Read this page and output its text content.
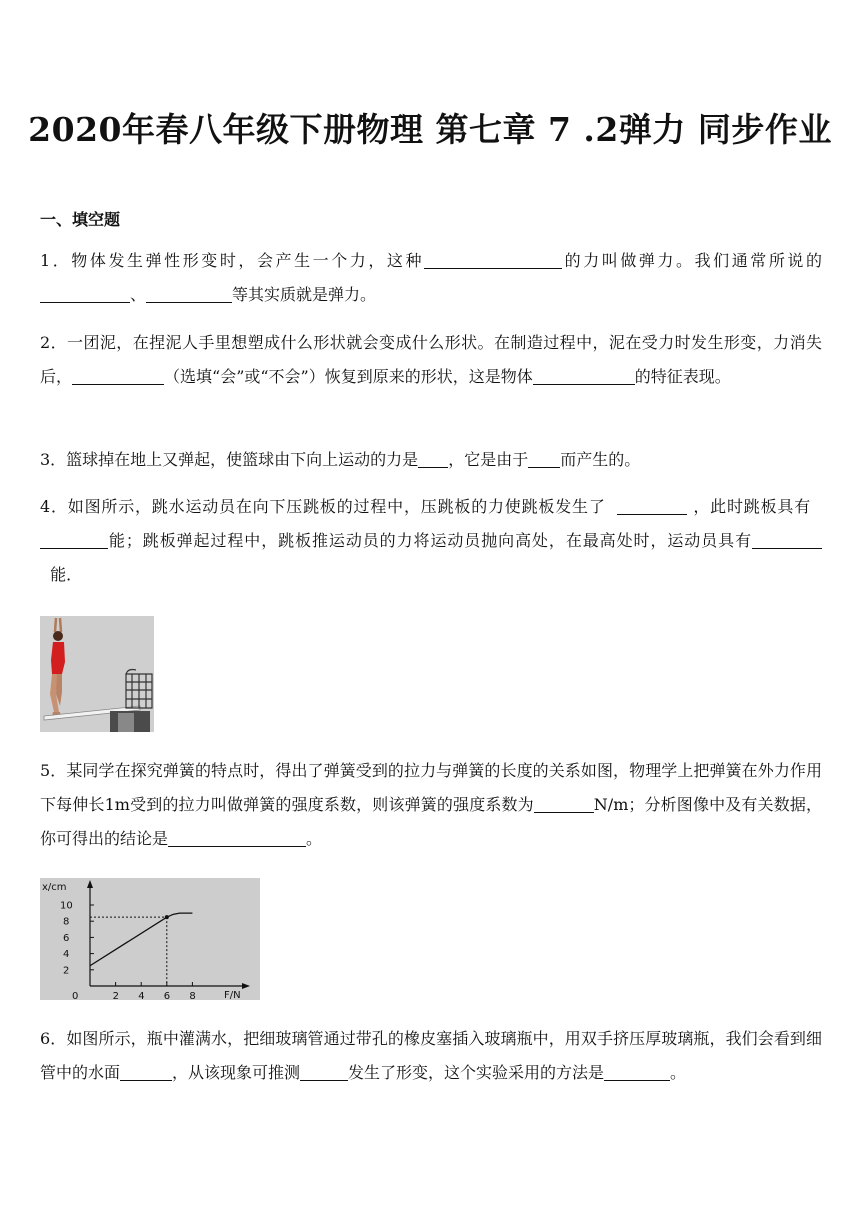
2020年春八年级下册物理 第七章 7 .2弹力 同步作业
一、填空题
1．物体发生弹性形变时，会产生一个力，这种	的力叫做弹力。我们通常所说的、	等其实质就是弹力。
2．一团泥，在捏泥人手里想塑成什么形状就会变成什么形状。在制造过程中，泥在受力时发生形变，力消失后，	（选填“会”或“不会”）恢复到原来的形状，这是物体	的特征表现。
3．篮球掉在地上又弹起，使篮球由下向上运动的力是 ，它是由于 而产生的。
4．如图所示，跳水运动员在向下压跳板的过程中，压跳板的力使跳板发生了	，此时跳板具有  能；跳板弹起过程中，跳板推运动员的力将运动员抛向高处，在最高处时，运动员具有  能．
5．某同学在探究弹簧的特点时，得出了弹簧受到的拉力与弹簧的长度的关系如图，物理学上把弹簧在外力作用下每伸长1m受到的拉力叫做弹簧的强度系数，则该弹簧的强度系数为	N/m；分析图像中及有关数据，你可得出的结论是	。
x/cm
F/N
0	2 4 6 8
2
4
6
8
10
6．如图所示，瓶中灌满水，把细玻璃管通过带孔的橡皮塞插入玻璃瓶中，用双手挤压厚玻璃瓶，我们会看到细管中的水面	，从该现象可推测	发生了形变，这个实验采用的方法是	。
